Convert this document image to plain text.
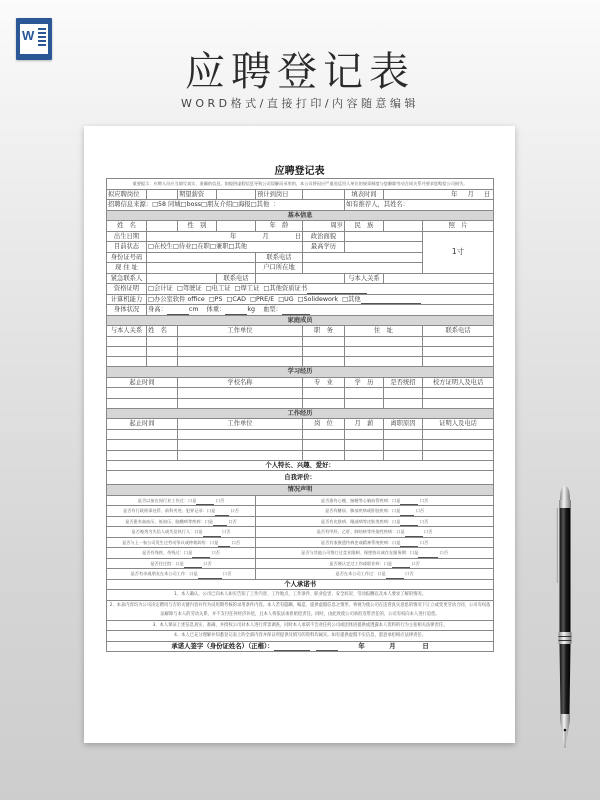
W
应聘登记表
WORD格式/直接打印/内容随意编辑
应聘登记表
重要提示：应聘人员应当填写真实、准确的信息。如提供虚假信息导致公司误解而录用的，本公司将因应严重违反用人单位的规章制度与您解除劳动合同关系并要求您赔偿公司损失。								
拟应聘岗位		期望薪资		预计到岗日		填表时间	年 月 日	
招聘信息来源：□58 同城□boss□朋友介绍□海报□其他 ：						如有推荐人，其姓名：		
基本信息								
姓　名		性　别		年　龄	周岁	民　族		照　片
出生日期	年 月 日				政治面貌			1寸
目前状态	□在校生□待业□在职□兼职□其他				最高学历			
身份证号码				联系电话				
现 住 址				户口所在地				
紧急联系人			联系电话			与本人关系		
资格证明	□会计证  □驾驶证  □电工证  □焊工证  □其他资质证书							
计算机能力	□办公室软件 office  □PS  □CAD  □PRE/E  □UG  □Solidework  □其他							
身体状况	身高： cm 体重： kg 血型：							
家庭成员								
与本人关系	姓　名	工作单位			职　务	住　址		联系电话

学习经历								
起止时间		学校名称			专　业	学　历	是否统招	校方证明人及电话

工作经历								
起止时间		工作单位			岗　位	月　薪	离职原因	证明人及电话

个人特长、兴趣、爱好：								
自我评价：								
情况声明								
是否以前在同行业工作过：口是 口否				是否患有心梗、脑梗等心脑血管疾病：口是 口否				
是否有行政刑事处罚、前科劣迹、犯罪记录：口是 口否				是否有糖尿、肺部疾病或肝脏疾病：口是 口否				
是否患有高血压、低血压、脑膜病等疾病：口是 口否				是否有皮肤病、眼部病等皮肤类疾病：口是 口否				
是否被列为失信人或失信执行人：口是 口否				是否有甲肝、乙肝、肺结核等传染性疾病：口是 口否				
是否与上一家公司发生过劳动争议或仲裁纠纷：口是 口否				是否有家族遗传病史或精神系统疾病：口是 口否				
是否有残疾、伤残过：口是 口否				是否与其他公司签订过竞业限制、保密协议或存在服务期：口是 口否				
是否住过院：口是 口否				是否被认定过工伤或职业病：口是 口否				
是否有亲戚朋友在本公司工作：口是 口否				是否在本公司工作过：口是 口否				
个人承诺书								
1、本人确认，公司已向本人如实告知了工作内容、工作地点、工作条件、职业危害、安全状况、劳动报酬以及本人要求了解的情况。								
2、本表内容均为公司决定聘用与否的关键内容并作为试用期考核的录用条件内容。本人若有隐瞒、编造、提供虚假信息之情形，将视为使公司在违背真实意思的情况下订立或变更劳动合同，公司有权依法解除与本人的劳动关系，并不支付任何经济补偿，且本人将依法承担赔偿责任。同时，由此致使公司承担连带责任的，公司有权向本人进行追偿。								
3、本人保证上述信息真实、准确，并授权公司对本人进行背景调查，同时本人承诺不会对任何公司或团体因提供或透露本人资料的行为主张相关法律责任。								
4、本人已充分理解并知悉登记表上的全部内容并保证所提供及填写的资料均属实。如有提供虚假不实信息，愿意承担相应法律责任。								
承诺人签字（身份证姓名）（正楷）： 年 月 日								
